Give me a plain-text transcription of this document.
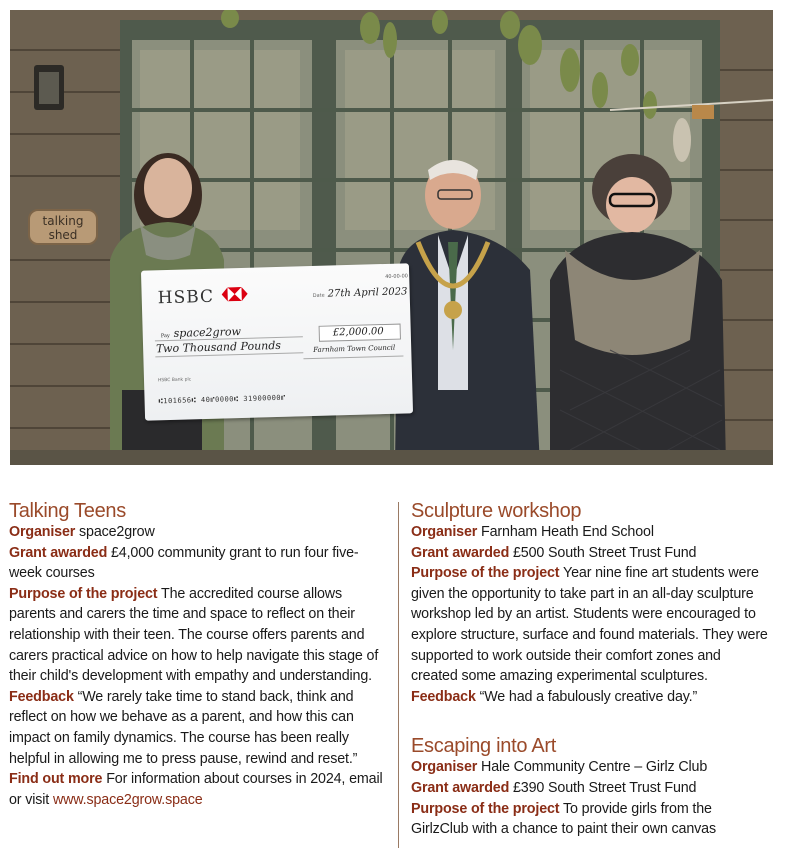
talking
shed
HSBC
40-00-00
Date 27th April 2023
Pay space2grow
Two Thousand Pounds
£2,000.00
Farnham Town Council
HSBC Bank plc
⑆101656⑆ 40⑈0000⑆ 31900000⑈
Talking Teens

Organiser space2grow

Grant awarded £4,000 community grant to run four five-week courses

Purpose of the project The accredited course allows parents and carers the time and space to reflect on their relationship with their teen. The course offers parents and carers practical advice on how to help navigate this stage of their child's development with empathy and understanding.

Feedback “We rarely take time to stand back, think and reflect on how we behave as a parent, and how this can impact on family dynamics. The course has been really helpful in allowing me to press pause, rewind and reset.”

Find out more For information about courses in 2024, email or visit www.space2grow.space

Sculpture workshop

Organiser Farnham Heath End School

Grant awarded £500 South Street Trust Fund

Purpose of the project Year nine fine art students were given the opportunity to take part in an all-day sculpture workshop led by an artist. Students were encouraged to explore structure, surface and found materials. They were supported to work outside their comfort zones and created some amazing experimental sculptures.

Feedback “We had a fabulously creative day.”

Escaping into Art

Organiser Hale Community Centre – Girlz Club

Grant awarded £390 South Street Trust Fund

Purpose of the project To provide girls from the GirlzClub with a chance to paint their own canvas
